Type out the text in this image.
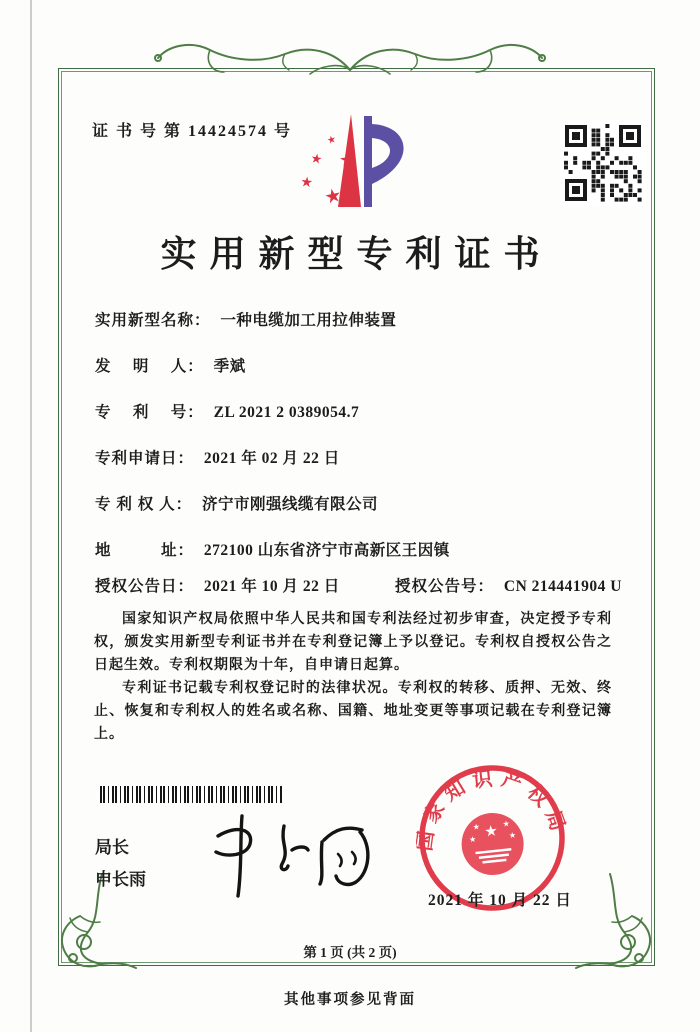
证 书 号 第 14424574 号
★
★ ★
★
★
实用新型专利证书
实用新型名称： 一种电缆加工用拉伸装置
发　 明 　人： 季斌
专　 利 　号： ZL 2021 2 0389054.7
专利申请日： 2021 年 02 月 22 日
专 利 权 人： 济宁市刚强线缆有限公司
地　　　址： 272100 山东省济宁市高新区王因镇
授权公告日： 2021 年 10 月 22 日	授权公告号： CN 214441904 U

国家知识产权局依照中华人民共和国专利法经过初步审查，决定授予专利权，颁发实用新型专利证书并在专利登记簿上予以登记。专利权自授权公告之日起生效。专利权期限为十年，自申请日起算。

专利证书记载专利权登记时的法律状况。专利权的转移、质押、无效、终止、恢复和专利权人的姓名或名称、国籍、地址变更等事项记载在专利登记簿上。

局长
申长雨
国家知识产权局
★
★	★
★	★
2021 年 10 月 22 日
第 1 页 (共 2 页)
其他事项参见背面
